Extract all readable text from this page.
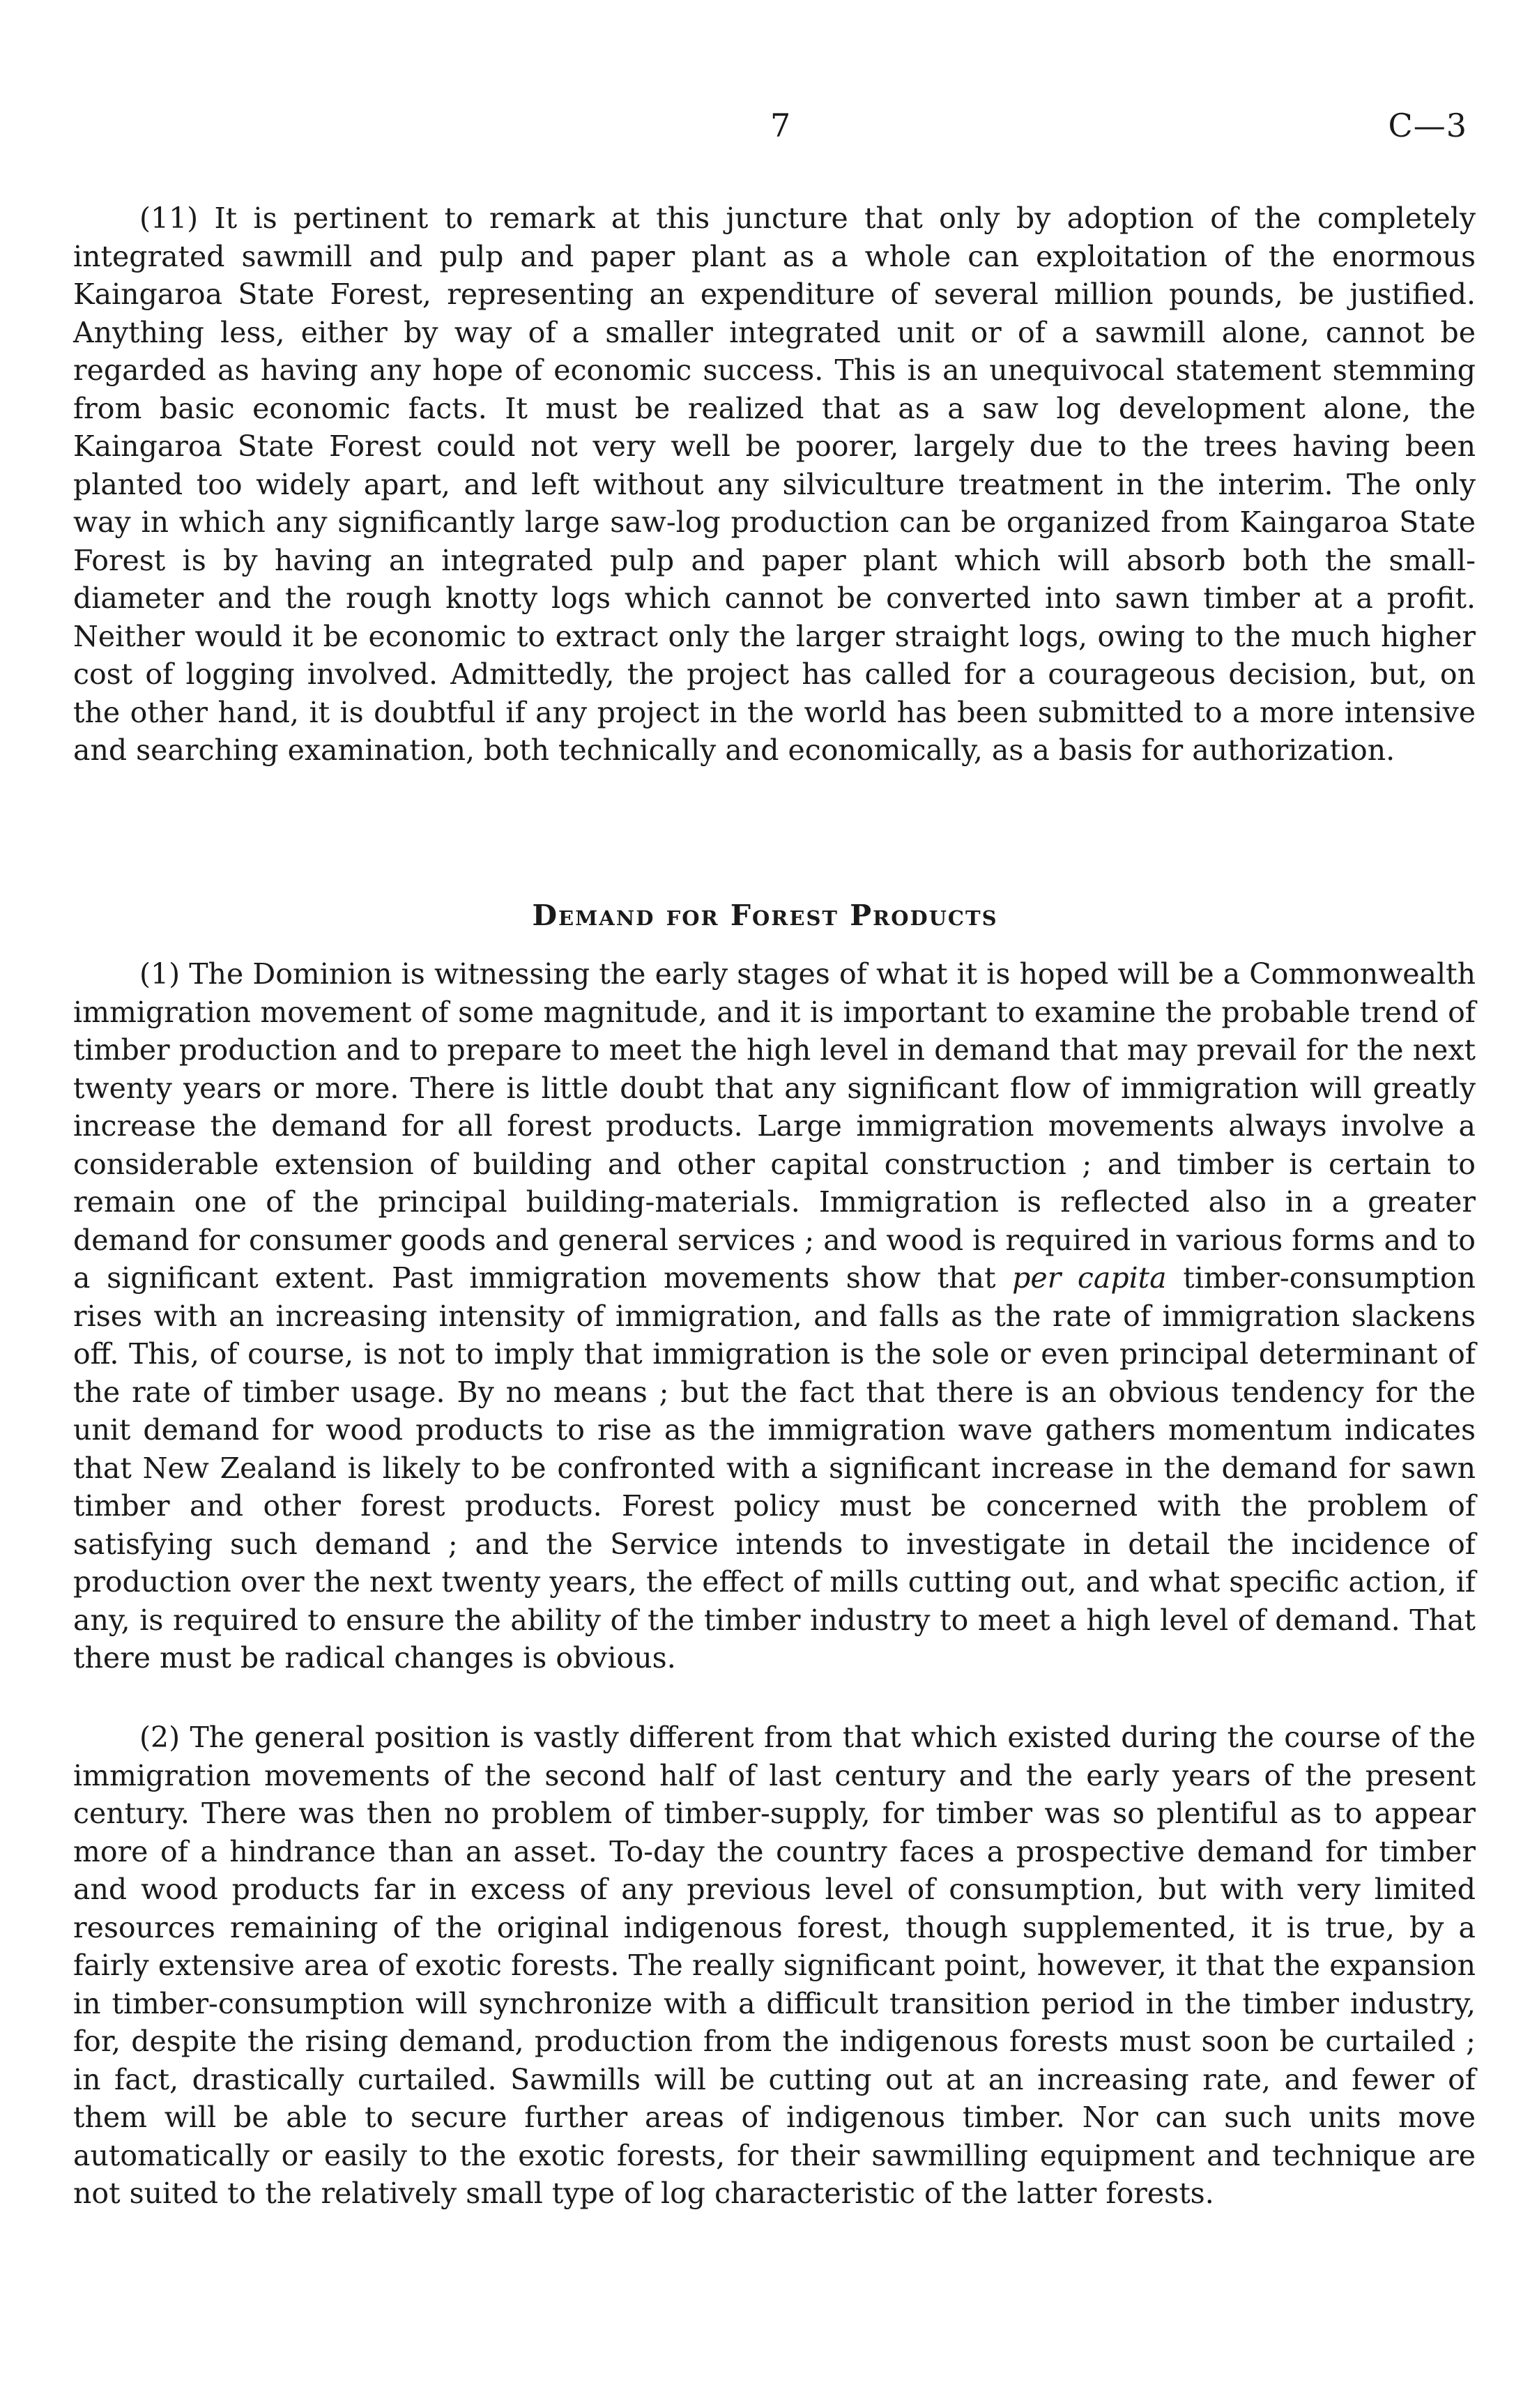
7	C—3

(11) It is pertinent to remark at this juncture that only by adoption of the completely integrated sawmill and pulp and paper plant as a whole can exploitation of the enormous Kaingaroa State Forest, representing an expenditure of several million pounds, be justified. Anything less, either by way of a smaller integrated unit or of a sawmill alone, cannot be regarded as having any hope of economic success. This is an unequivocal statement stemming from basic economic facts. It must be realized that as a saw log development alone, the Kaingaroa State Forest could not very well be poorer, largely due to the trees having been planted too widely apart, and left without any silviculture treatment in the interim. The only way in which any significantly large saw-log production can be organized from Kaingaroa State Forest is by having an integrated pulp and paper plant which will absorb both the small-diameter and the rough knotty logs which cannot be converted into sawn timber at a profit. Neither would it be economic to extract only the larger straight logs, owing to the much higher cost of logging involved. Admittedly, the project has called for a courageous decision, but, on the other hand, it is doubtful if any project in the world has been submitted to a more intensive and searching examination, both technically and economically, as a basis for authorization.

Demand for Forest Products

(1) The Dominion is witnessing the early stages of what it is hoped will be a Commonwealth immigration movement of some magnitude, and it is important to examine the probable trend of timber production and to prepare to meet the high level in demand that may prevail for the next twenty years or more. There is little doubt that any significant flow of immigration will greatly increase the demand for all forest products. Large immigration movements always involve a considerable extension of building and other capital construction ; and timber is certain to remain one of the principal building-materials. Immigration is reflected also in a greater demand for consumer goods and general services ; and wood is required in various forms and to a significant extent. Past immigration movements show that per capita timber-consumption rises with an increasing intensity of immigration, and falls as the rate of immigration slackens off. This, of course, is not to imply that immigration is the sole or even principal determinant of the rate of timber usage. By no means ; but the fact that there is an obvious tendency for the unit demand for wood products to rise as the immigration wave gathers momentum indicates that New Zealand is likely to be confronted with a significant increase in the demand for sawn timber and other forest products. Forest policy must be concerned with the problem of satisfying such demand ; and the Service intends to investigate in detail the incidence of production over the next twenty years, the effect of mills cutting out, and what specific action, if any, is required to ensure the ability of the timber industry to meet a high level of demand. That there must be radical changes is obvious.

(2) The general position is vastly different from that which existed during the course of the immigration movements of the second half of last century and the early years of the present century. There was then no problem of timber-supply, for timber was so plentiful as to appear more of a hindrance than an asset. To-day the country faces a prospective demand for timber and wood products far in excess of any previous level of consumption, but with very limited resources remaining of the original indigenous forest, though supplemented, it is true, by a fairly extensive area of exotic forests. The really significant point, however, it that the expansion in timber-consumption will synchronize with a difficult transition period in the timber industry, for, despite the rising demand, production from the indigenous forests must soon be curtailed ; in fact, drastically curtailed. Sawmills will be cutting out at an increasing rate, and fewer of them will be able to secure further areas of indigenous timber. Nor can such units move automatically or easily to the exotic forests, for their sawmilling equipment and technique are not suited to the relatively small type of log characteristic of the latter forests.
